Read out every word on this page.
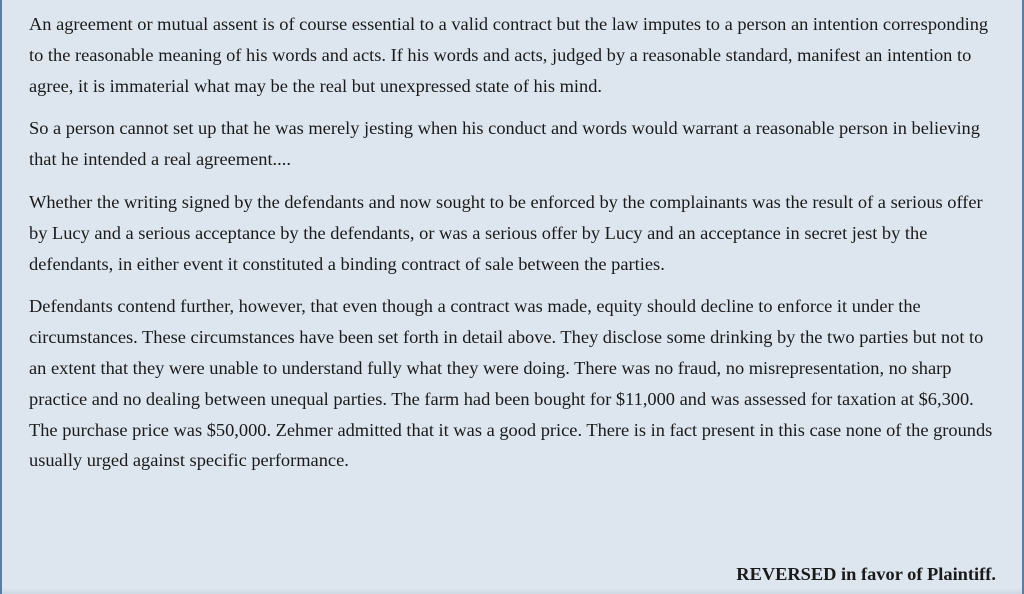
An agreement or mutual assent is of course essential to a valid contract but the law imputes to a person an intention corresponding to the reasonable meaning of his words and acts. If his words and acts, judged by a reasonable standard, manifest an intention to agree, it is immaterial what may be the real but unexpressed state of his mind.

So a person cannot set up that he was merely jesting when his conduct and words would warrant a reasonable person in believing that he intended a real agreement....

Whether the writing signed by the defendants and now sought to be enforced by the complainants was the result of a serious offer by Lucy and a serious acceptance by the defendants, or was a serious offer by Lucy and an acceptance in secret jest by the defendants, in either event it constituted a binding contract of sale between the parties.

Defendants contend further, however, that even though a contract was made, equity should decline to enforce it under the circumstances. These circumstances have been set forth in detail above. They disclose some drinking by the two parties but not to an extent that they were unable to understand fully what they were doing. There was no fraud, no misrepresentation, no sharp practice and no dealing between unequal parties. The farm had been bought for $11,000 and was assessed for taxation at $6,300. The purchase price was $50,000. Zehmer admitted that it was a good price. There is in fact present in this case none of the grounds usually urged against specific performance.

REVERSED in favor of Plaintiff.
